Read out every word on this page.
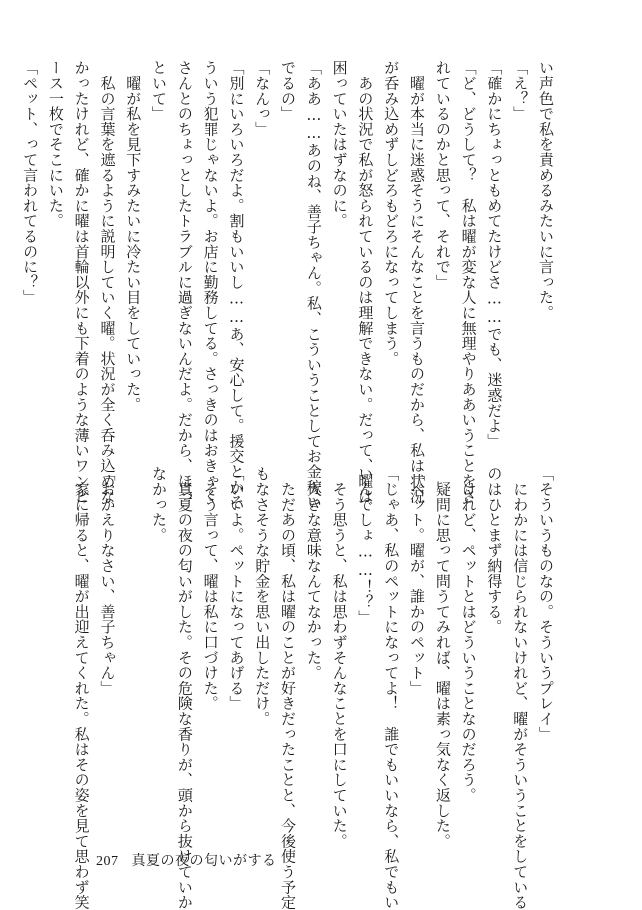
い声色で私を責めるみたいに言った。
「え？」
「確かにちょっともめてたけどさ……でも、迷惑だよ」
「ど、どうして？　私は曜が変な人に無理やりああいうことをさ
れているのかと思って、それで」
　曜が本当に迷惑そうにそんなことを言うものだから、私は状況
が呑み込めずしどろもどろになってしまう。
　あの状況で私が怒られているのは理解できない。だって、曜は
困っていたはずなのに。
「ああ……あのね、善子ちゃん。私、こういうことしてお金稼い
でるの」
「なんっ」
「別にいろいろだよ。割もいいし……あ、安心して。援交とかそ
ういう犯罪じゃないよ。お店に勤務してる。さっきのはおきゃく
さんとのちょっとしたトラブルに過ぎないんだよ。だから、ほっ
といて」
　曜が私を見下すみたいに冷たい目をしていった。
　私の言葉を遮るように説明していく曜。状況が全く呑み込めな
かったけれど、確かに曜は首輪以外にも下着のような薄いワンピ
ース一枚でそこにいた。
「ペット、って言われてるのに？」
「そういうものなの。そういうプレイ」
　にわかには信じられないけれど、曜がそういうことをしている
のはひとまず納得する。
　けれど、ペットとはどういうことなのだろう。
　疑問に思って問うてみれば、曜は素っ気なく返した。
「ペット。曜が、誰かのペット」
「じゃあ、私のペットになってよ！　誰でもいいなら、私でもい
いんでしょ……！？」
　そう思うと、私は思わずそんなことを口にしていた。
　大きな意味なんてなかった。
　ただあの頃、私は曜のことが好きだったことと、今後使う予定
もなさそうな貯金を思い出しただけ。
「いいよ。ペットになってあげる」
　そう言って、曜は私に口づけた。
　真夏の夜の匂いがした。その危険な香りが、頭から抜けていか
なかった。

「おかえりなさい、善子ちゃん」
　家に帰ると、曜が出迎えてくれた。私はその姿を見て思わず笑 207 真夏の夜の匂いがする
